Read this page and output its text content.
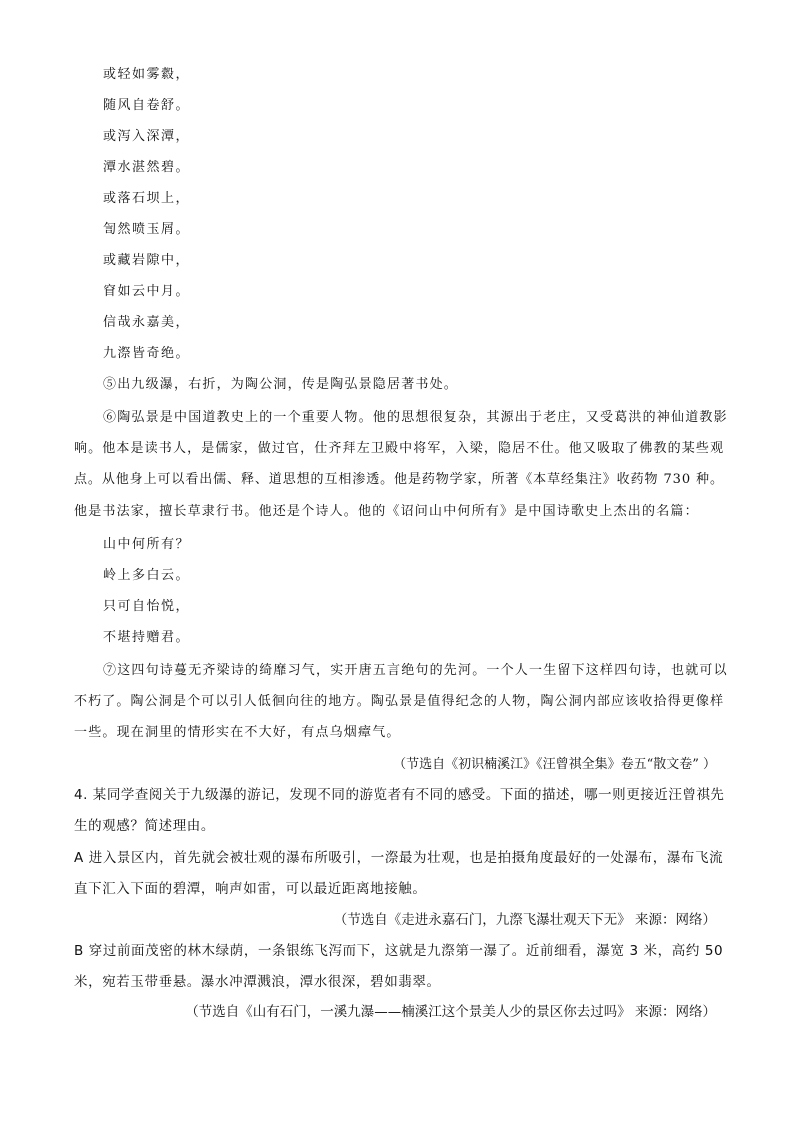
或轻如雾縠，
随风自卷舒。
或泻入深潭，
潭水湛然碧。
或落石坝上，
訇然喷玉屑。
或藏岩隙中，
窅如云中月。
信哉永嘉美，
九漈皆奇绝。
⑤出九级瀑，右折，为陶公洞，传是陶弘景隐居著书处。
⑥陶弘景是中国道教史上的一个重要人物。他的思想很复杂，其源出于老庄，又受葛洪的神仙道教影
响。他本是读书人，是儒家，做过官，仕齐拜左卫殿中将军，入梁，隐居不仕。他又吸取了佛教的某些观
点。从他身上可以看出儒、释、道思想的互相渗透。他是药物学家，所著《本草经集注》收药物 730 种。
他是书法家，擅长草隶行书。他还是个诗人。他的《诏问山中何所有》是中国诗歌史上杰出的名篇：
山中何所有？
岭上多白云。
只可自怡悦，
不堪持赠君。
⑦这四句诗蔓无齐梁诗的绮靡习气，实开唐五言绝句的先河。一个人一生留下这样四句诗，也就可以
不朽了。陶公洞是个可以引人低徊向往的地方。陶弘景是值得纪念的人物，陶公洞内部应该收拾得更像样
一些。现在洞里的情形实在不大好，有点乌烟瘴气。
（节选自《初识楠溪江》《汪曾祺全集》卷五“散文卷” ）
4. 某同学查阅关于九级瀑的游记，发现不同的游览者有不同的感受。下面的描述，哪一则更接近汪曾祺先
生的观感？简述理由。
A 进入景区内，首先就会被壮观的瀑布所吸引，一漈最为壮观，也是拍摄角度最好的一处瀑布，瀑布飞流
直下汇入下面的碧潭，响声如雷，可以最近距离地接触。
（节选自《走进永嘉石门，九漈飞瀑壮观天下无》 来源：网络）
B 穿过前面茂密的林木绿荫，一条银练飞泻而下，这就是九漈第一瀑了。近前细看，瀑宽 3 米，高约 50
米，宛若玉带垂悬。瀑水冲潭溅浪，潭水很深，碧如翡翠。
（节选自《山有石门，一溪九瀑——楠溪江这个景美人少的景区你去过吗》 来源：网络）
